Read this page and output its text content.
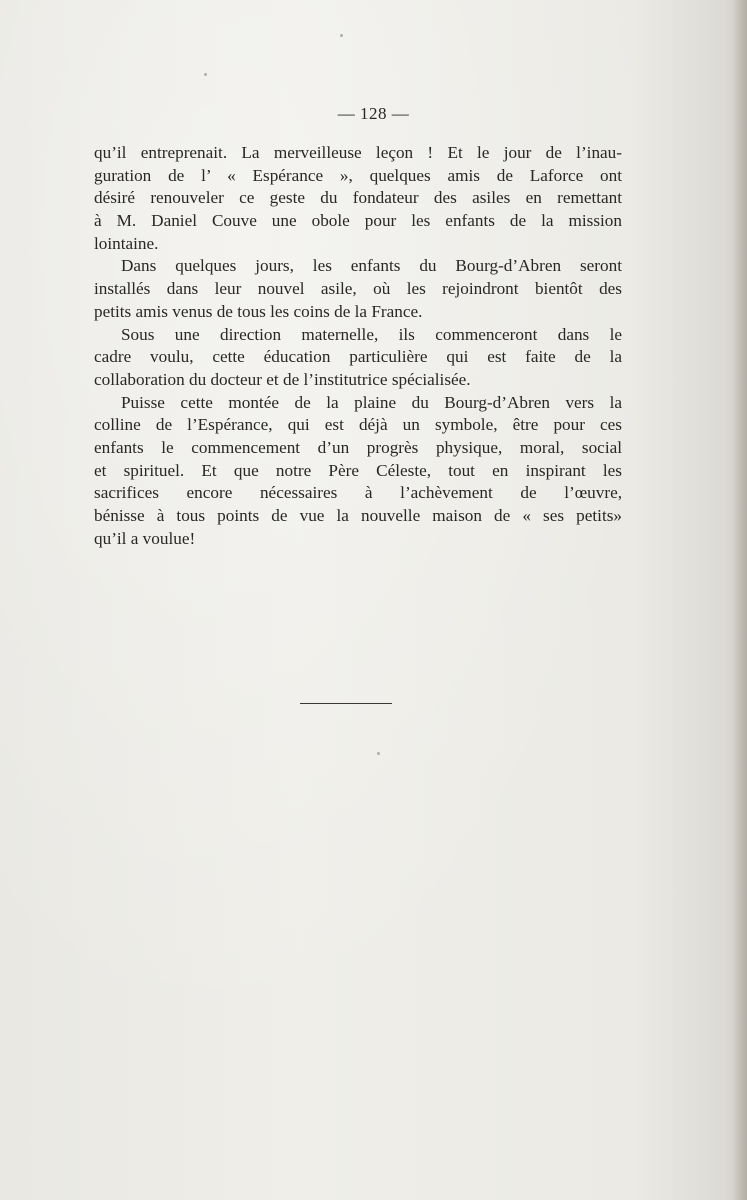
— 128 —
qu’il entreprenait. La merveilleuse leçon ! Et le jour de l’inau-
guration de l’ « Espérance », quelques amis de Laforce ont
désiré renouveler ce geste du fondateur des asiles en remettant
à M. Daniel Couve une obole pour les enfants de la mission
lointaine.
Dans quelques jours, les enfants du Bourg-d’Abren seront
installés dans leur nouvel asile, où les rejoindront bientôt des
petits amis venus de tous les coins de la France.
Sous une direction maternelle, ils commenceront dans le
cadre voulu, cette éducation particulière qui est faite de la
collaboration du docteur et de l’institutrice spécialisée.
Puisse cette montée de la plaine du Bourg-d’Abren vers la
colline de l’Espérance, qui est déjà un symbole, être pour ces
enfants le commencement d’un progrès physique, moral, social
et spirituel. Et que notre Père Céleste, tout en inspirant les
sacrifices encore nécessaires à l’achèvement de l’œuvre,
bénisse à tous points de vue la nouvelle maison de « ses petits»
qu’il a voulue!
